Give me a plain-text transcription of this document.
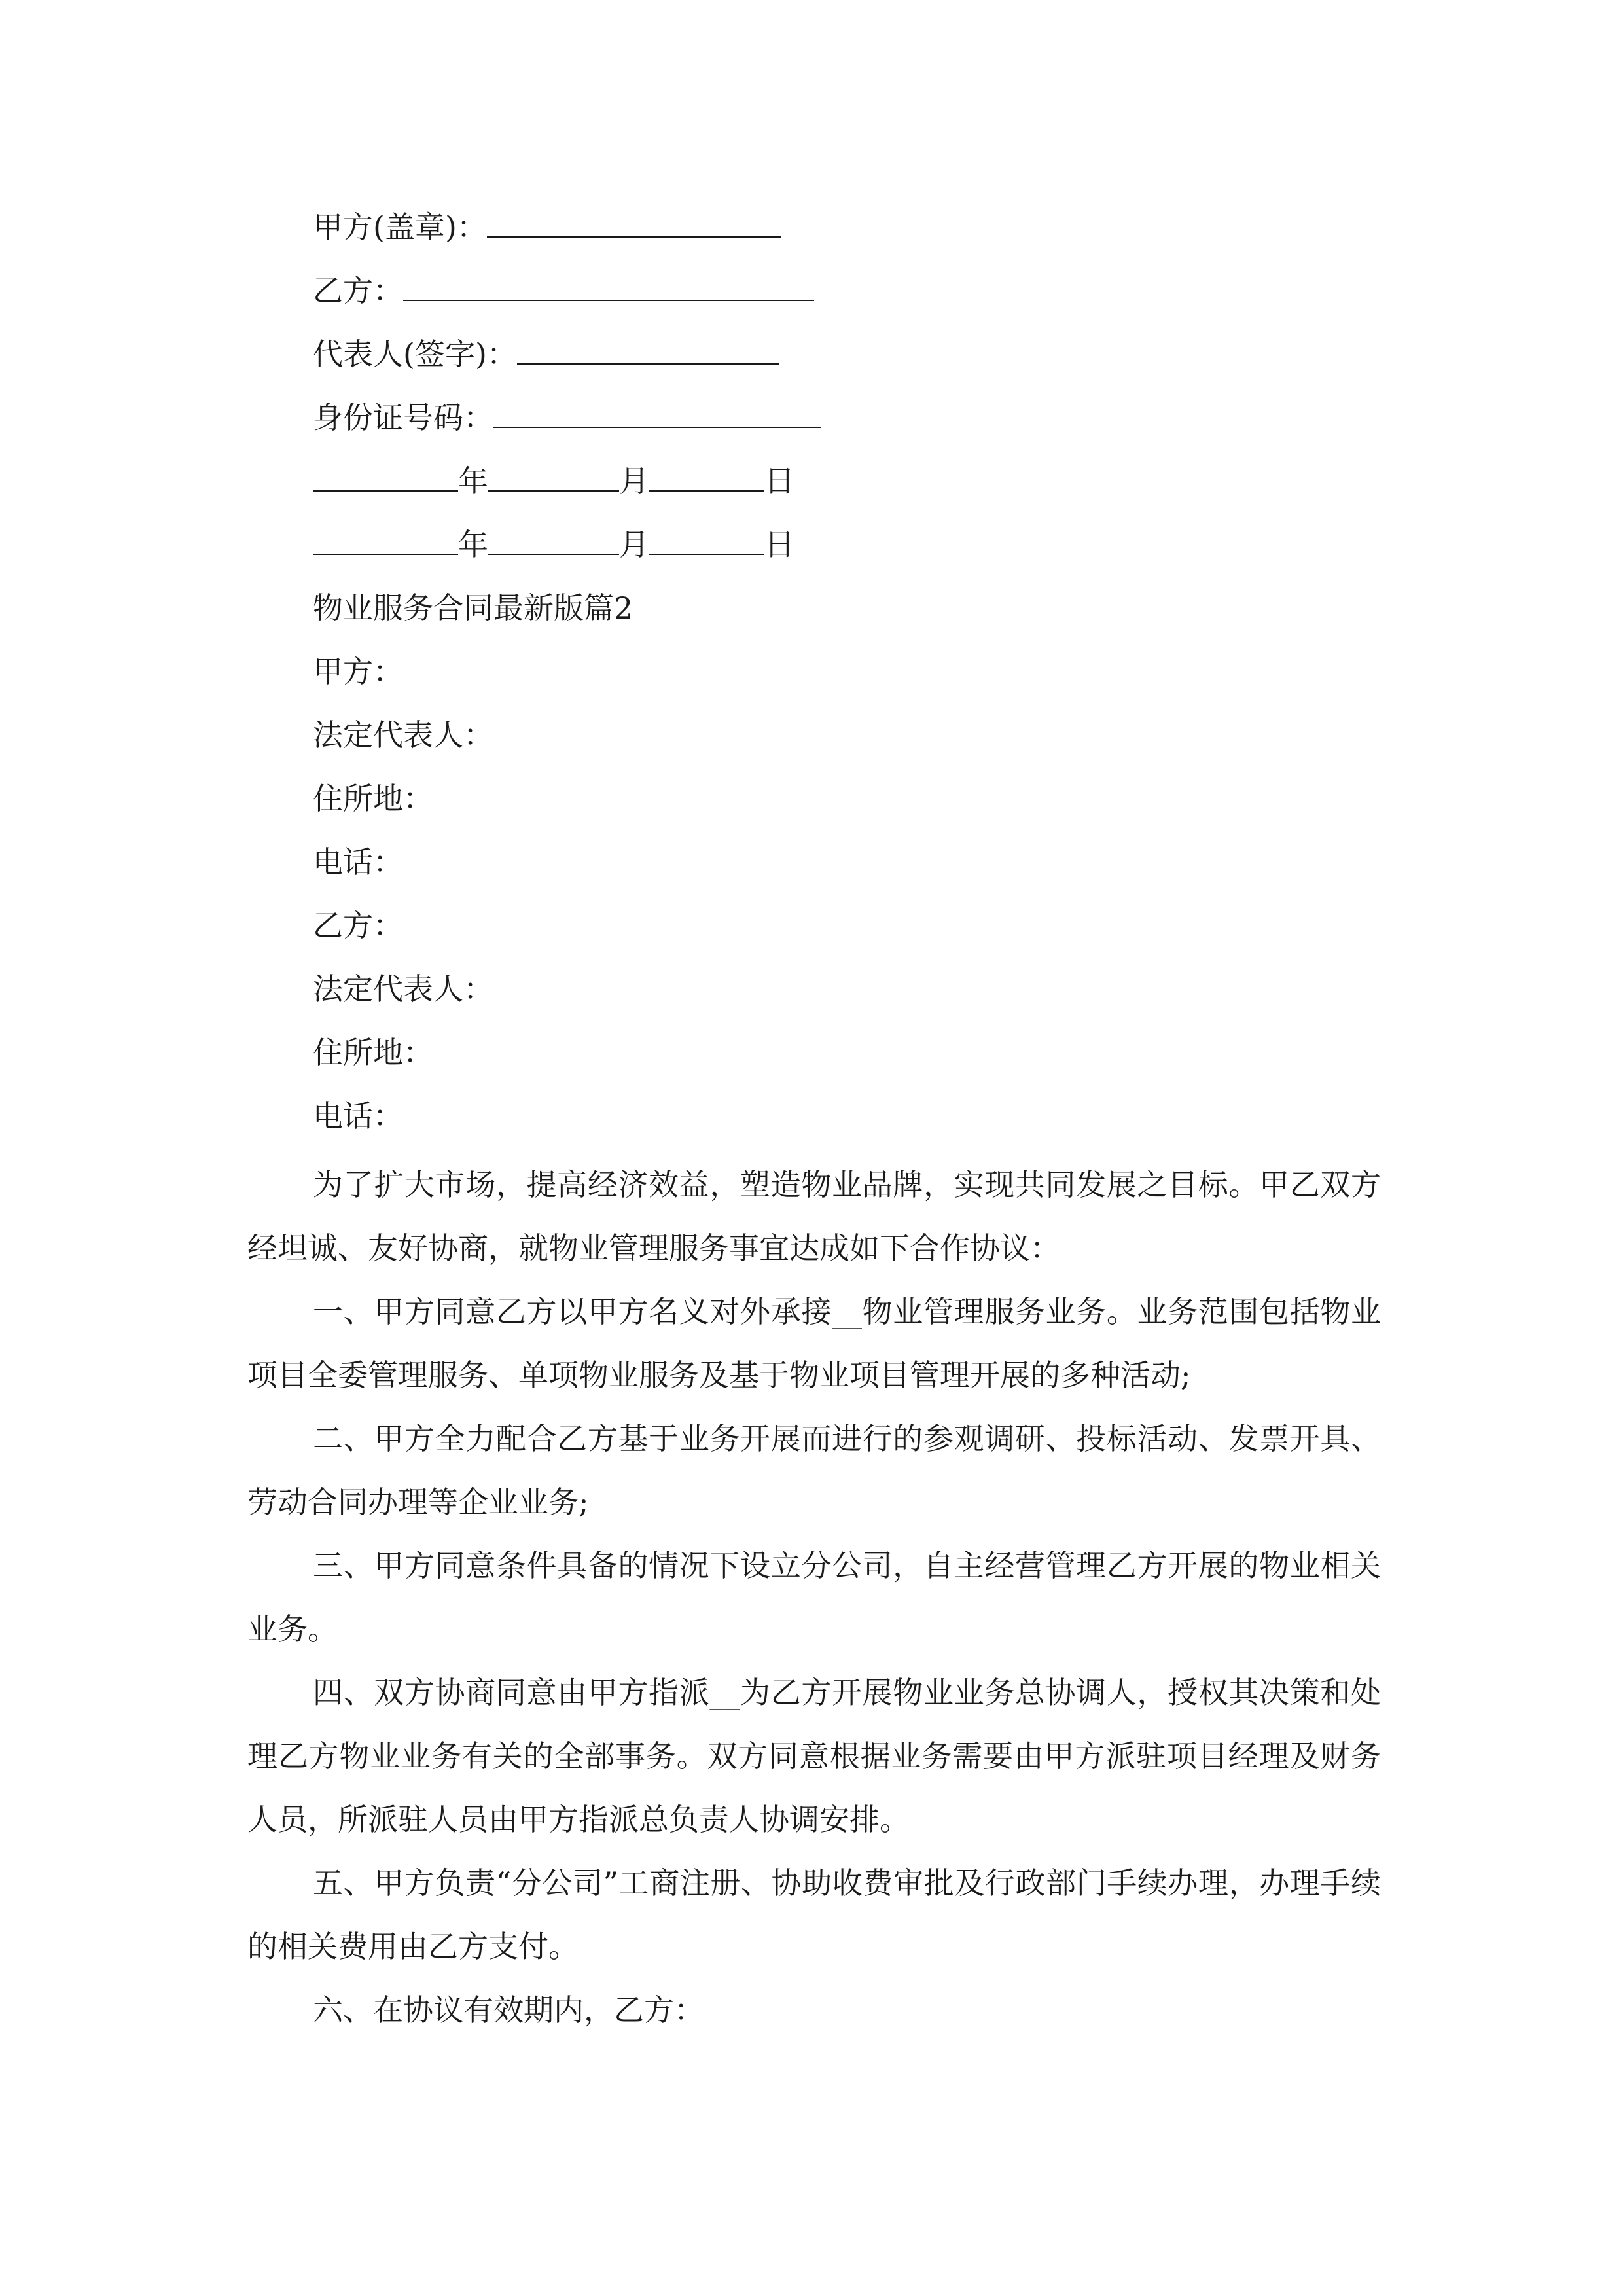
甲方(盖章)：
乙方：
代表人(签字)：
身份证号码：
年	月	日
年	月	日
物业服务合同最新版篇2
甲方：
法定代表人：
住所地：
电话：
乙方：
法定代表人：
住所地：
电话：
为了扩大市场，提高经济效益，塑造物业品牌，实现共同发展之目标。甲乙双方经坦诚、友好协商，就物业管理服务事宜达成如下合作协议：
一、甲方同意乙方以甲方名义对外承接__物业管理服务业务。业务范围包括物业项目全委管理服务、单项物业服务及基于物业项目管理开展的多种活动;
二、甲方全力配合乙方基于业务开展而进行的参观调研、投标活动、发票开具、劳动合同办理等企业业务;
三、甲方同意条件具备的情况下设立分公司，自主经营管理乙方开展的物业相关业务。
四、双方协商同意由甲方指派__为乙方开展物业业务总协调人，授权其决策和处理乙方物业业务有关的全部事务。双方同意根据业务需要由甲方派驻项目经理及财务人员，所派驻人员由甲方指派总负责人协调安排。
五、甲方负责“分公司”工商注册、协助收费审批及行政部门手续办理，办理手续的相关费用由乙方支付。
六、在协议有效期内，乙方：
